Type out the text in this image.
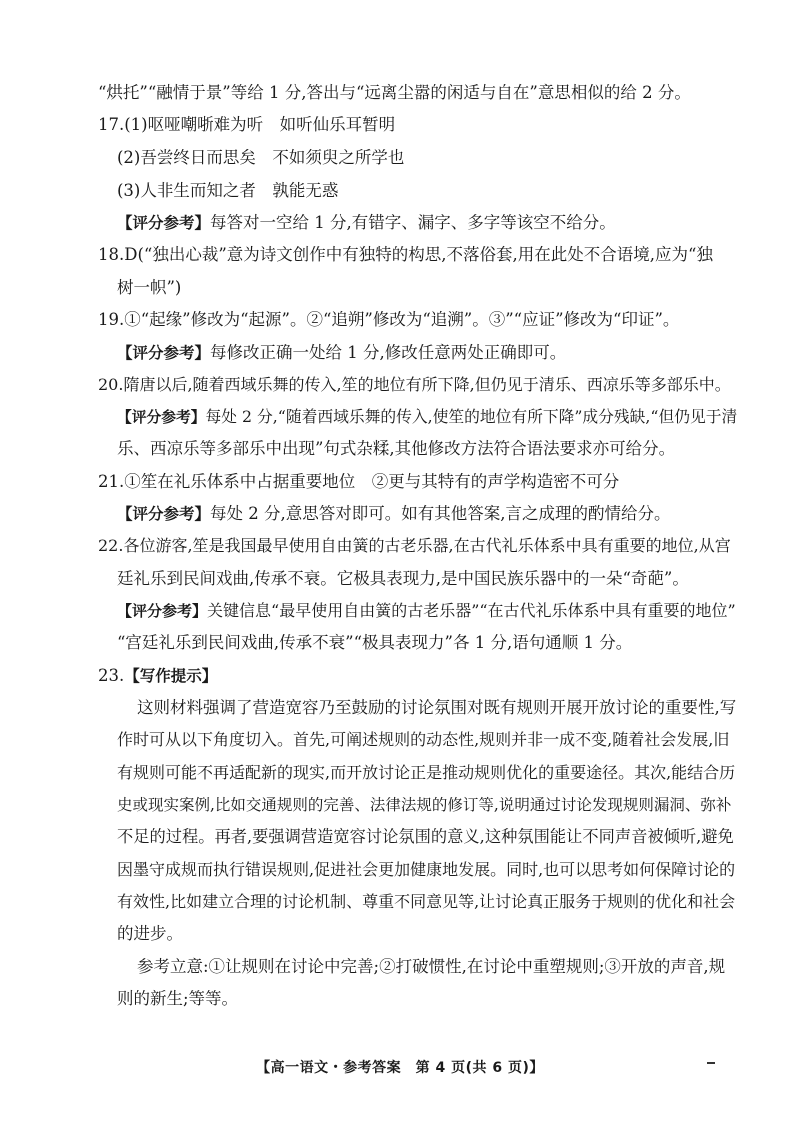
“烘托”“融情于景”等给 1 分,答出与“远离尘嚣的闲适与自在”意思相似的给 2 分。
17.(1)呕哑嘲哳难为听　如听仙乐耳暂明
(2)吾尝终日而思矣　不如须臾之所学也
(3)人非生而知之者　孰能无惑
【评分参考】每答对一空给 1 分,有错字、漏字、多字等该空不给分。
18.D(“独出心裁”意为诗文创作中有独特的构思,不落俗套,用在此处不合语境,应为“独
树一帜”)
19.①“起缘”修改为“起源”。②“追朔”修改为“追溯”。③”“应证”修改为“印证”。
【评分参考】每修改正确一处给 1 分,修改任意两处正确即可。
20.隋唐以后,随着西域乐舞的传入,笙的地位有所下降,但仍见于清乐、西凉乐等多部乐中。
【评分参考】每处 2 分,“随着西域乐舞的传入,使笙的地位有所下降”成分残缺,“但仍见于清
乐、西凉乐等多部乐中出现”句式杂糅,其他修改方法符合语法要求亦可给分。
21.①笙在礼乐体系中占据重要地位　②更与其特有的声学构造密不可分
【评分参考】每处 2 分,意思答对即可。如有其他答案,言之成理的酌情给分。
22.各位游客,笙是我国最早使用自由簧的古老乐器,在古代礼乐体系中具有重要的地位,从宫
廷礼乐到民间戏曲,传承不衰。它极具表现力,是中国民族乐器中的一朵“奇葩”。
【评分参考】关键信息“最早使用自由簧的古老乐器”“在古代礼乐体系中具有重要的地位”
“宫廷礼乐到民间戏曲,传承不衰”“极具表现力”各 1 分,语句通顺 1 分。
23.【写作提示】
这则材料强调了营造宽容乃至鼓励的讨论氛围对既有规则开展开放讨论的重要性,写
作时可从以下角度切入。首先,可阐述规则的动态性,规则并非一成不变,随着社会发展,旧
有规则可能不再适配新的现实,而开放讨论正是推动规则优化的重要途径。其次,能结合历
史或现实案例,比如交通规则的完善、法律法规的修订等,说明通过讨论发现规则漏洞、弥补
不足的过程。再者,要强调营造宽容讨论氛围的意义,这种氛围能让不同声音被倾听,避免
因墨守成规而执行错误规则,促进社会更加健康地发展。同时,也可以思考如何保障讨论的
有效性,比如建立合理的讨论机制、尊重不同意见等,让讨论真正服务于规则的优化和社会
的进步。
参考立意:①让规则在讨论中完善;②打破惯性,在讨论中重塑规则;③开放的声音,规
则的新生;等等。
【高一语文・参考答案　第 4 页(共 6 页)】
